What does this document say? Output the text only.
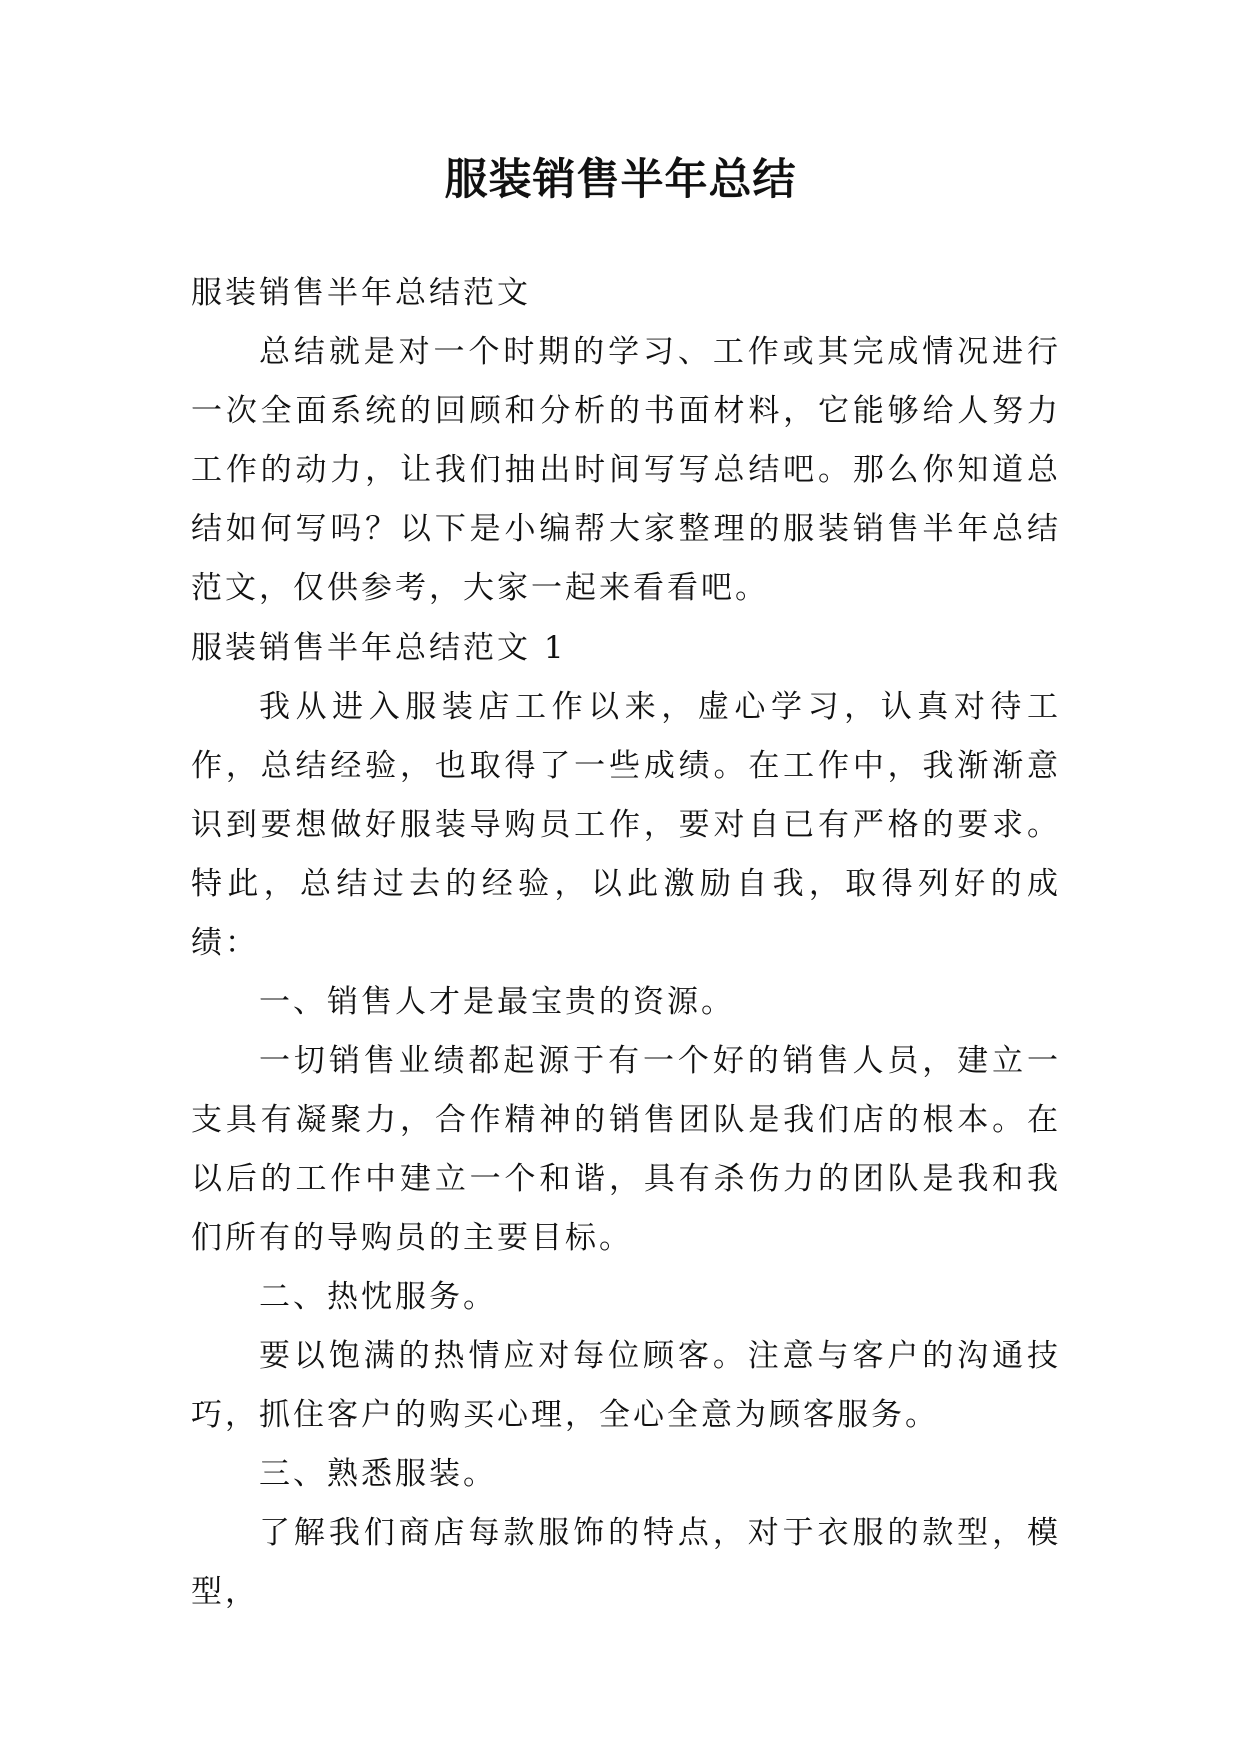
服装销售半年总结

服装销售半年总结范文

总结就是对一个时期的学习、工作或其完成情况进行一次全面系统的回顾和分析的书面材料，它能够给人努力工作的动力，让我们抽出时间写写总结吧。那么你知道总结如何写吗？以下是小编帮大家整理的服装销售半年总结范文，仅供参考，大家一起来看看吧。

服装销售半年总结范文 1

我从进入服装店工作以来，虚心学习，认真对待工作，总结经验，也取得了一些成绩。在工作中，我渐渐意识到要想做好服装导购员工作，要对自已有严格的要求。特此，总结过去的经验，以此激励自我，取得列好的成绩：

一、销售人才是最宝贵的资源。

一切销售业绩都起源于有一个好的销售人员，建立一支具有凝聚力，合作精神的销售团队是我们店的根本。在以后的工作中建立一个和谐，具有杀伤力的团队是我和我们所有的导购员的主要目标。

二、热忱服务。

要以饱满的热情应对每位顾客。注意与客户的沟通技巧，抓住客户的购买心理，全心全意为顾客服务。

三、熟悉服装。

了解我们商店每款服饰的特点，对于衣服的款型，模型，
